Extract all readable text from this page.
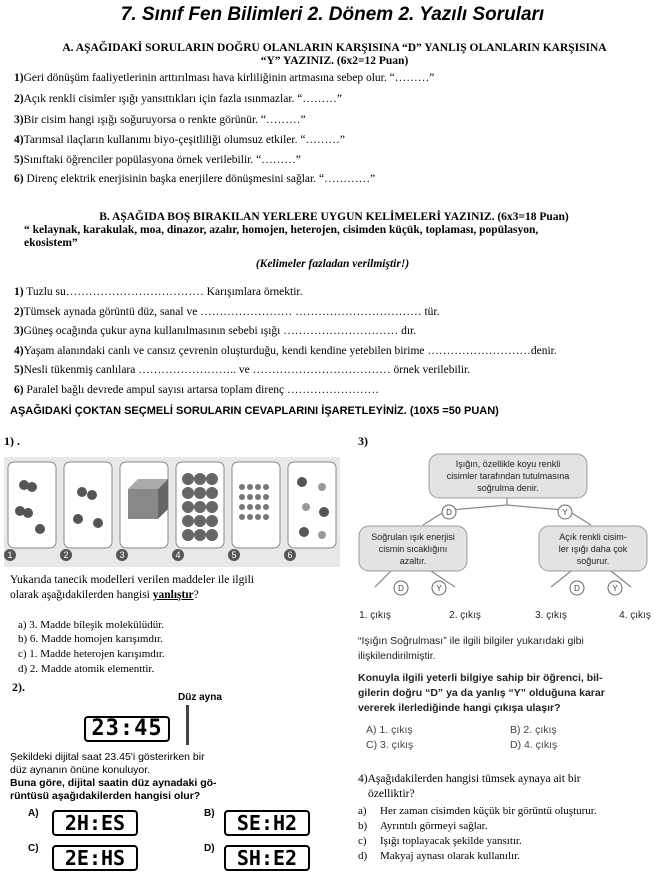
7. Sınıf Fen Bilimleri 2. Dönem 2. Yazılı Soruları
A. AŞAĞIDAKİ SORULARIN DOĞRU OLANLARIN KARŞISINA “D” YANLIŞ OLANLARIN KARŞISINA
“Y” YAZINIZ. (6x2=12 Puan)
1)Geri dönüşüm faaliyetlerinin arttırılması hava kirliliğinin artmasına sebep olur. “………”
2)Açık renkli cisimler ışığı yansıttıkları için fazla ısınmazlar. “………”
3)Bir cisim hangi ışığı soğuruyorsa o renkte görünür. “………”
4)Tarımsal ilaçların kullanımı biyo-çeşitliliği olumsuz etkiler. “………”
5)Sınıftaki öğrenciler popülasyona örnek verilebilir. “………”
6) Direnç elektrik enerjisinin başka enerjilere dönüşmesini sağlar. “…………”
B. AŞAĞIDA BOŞ BIRAKILAN YERLERE UYGUN KELİMELERİ YAZINIZ. (6x3=18 Puan)
“ kelaynak, karakulak, moa, dinazor, azalır, homojen, heterojen, cisimden küçük, toplaması, popülasyon,
ekosistem”
(Kelimeler fazladan verilmiştir!)
1) Tuzlu su……………………………… Karışımlara örnektir.
2)Tümsek aynada görüntü düz, sanal ve …………………… …………………………… tür.
3)Güneş ocağında çukur ayna kullanılmasının sebebi ışığı ………………………… dır.
4)Yaşam alanındaki canlı ve cansız çevrenin oluşturduğu, kendi kendine yetebilen birime ………………………denir.
5)Nesli tükenmiş canlılara …………………….. ve ……………………………… örnek verilebilir.
6) Paralel bağlı devrede ampul sayısı artarsa toplam direnç ……………………
AŞAĞIDAKİ ÇOKTAN SEÇMELİ SORULARIN CEVAPLARINI İŞARETLEYİNİZ. (10X5 =50 PUAN)
1) .
1	2	3	4	5	6
Yukarıda tanecik modelleri verilen maddeler ile ilgili
olarak aşağıdakilerden hangisi yanlıştır?
a) 3. Madde bileşik molekülüdür.
b) 6. Madde homojen karışımdır.
c) 1. Madde heterojen karışımdır.
d) 2. Madde atomik elementtir.
2).
Düz ayna
23:45
Şekildeki dijital saat 23.45'i gösterirken bir
düz aynanın önüne konuluyor.
Buna göre, dijital saatin düz aynadaki gö-
rüntüsü aşağıdakilerden hangisi olur?
A)	2H:ES	B)	SE:H2
C)	2E:HS	D)	SH:E2
3)
Işığın, özellikle koyu renkli
cisimler tarafından tutulmasına
soğrulma denir.
D	Y
Soğrulan ışık enerjisi
cismin sıcaklığını
azaltır.
Açık renkli cisim-
ler ışığı daha çok
soğurur.
D	Y	D	Y
1. çıkış	2. çıkış	3. çıkış	4. çıkış
“Işığın Soğrulması” ile ilgili bilgiler yukarıdaki gibi
ilişkilendirilmiştir.
Konuyla ilgili yeterli bilgiye sahip bir öğrenci, bil-
gilerin doğru “D” ya da yanlış “Y” olduğuna karar
vererek ilerlediğinde hangi çıkışa ulaşır?
A) 1. çıkış	B) 2. çıkış
C) 3. çıkış	D) 4. çıkış
4)Aşağıdakilerden hangisi tümsek aynaya ait bir
özelliktir?
a) Her zaman cisimden küçük bir görüntü oluşturur.
b) Ayrıntılı görmeyi sağlar.
c) Işığı toplayacak şekilde yansıtır.
d) Makyaj aynası olarak kullanılır.
